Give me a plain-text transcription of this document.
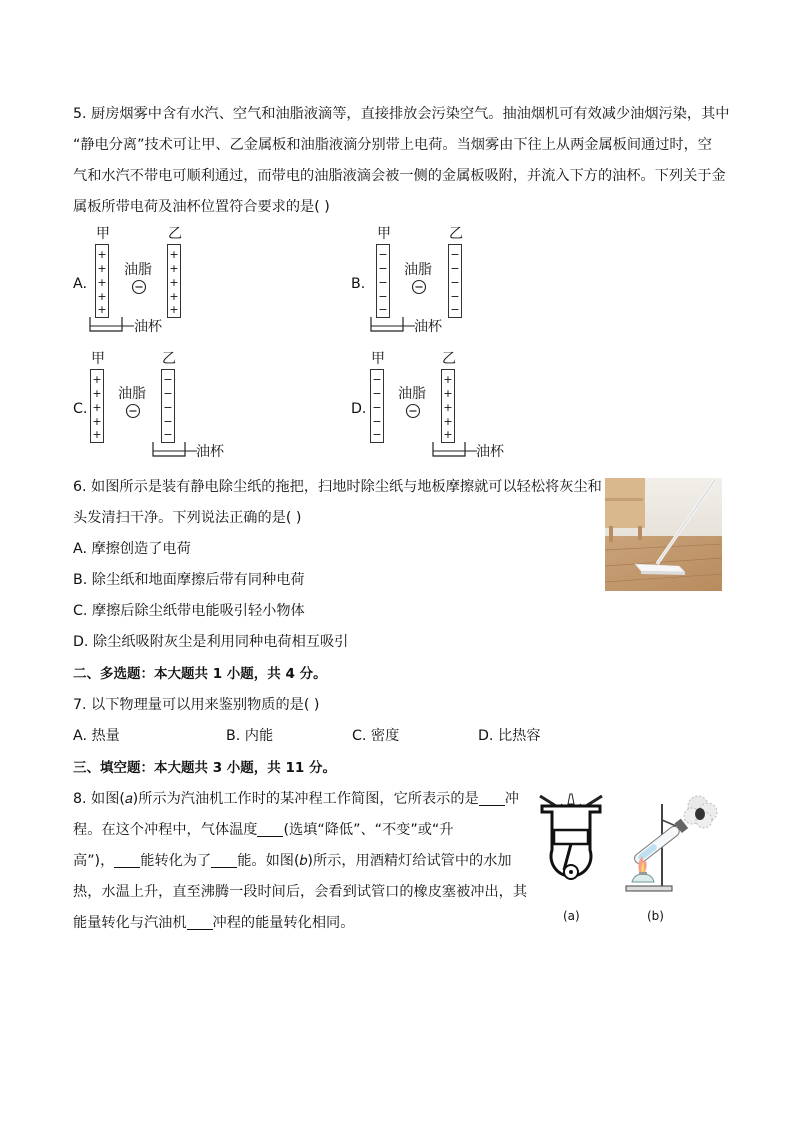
5. 厨房烟雾中含有水汽、空气和油脂液滴等，直接排放会污染空气。抽油烟机可有效减少油烟污染，其中
“静电分离”技术可让甲、乙金属板和油脂液滴分别带上电荷。当烟雾由下往上从两金属板间通过时，空
气和水汽不带电可顺利通过，而带电的油脂液滴会被一侧的金属板吸附，并流入下方的油杯。下列关于金
属板所带电荷及油杯位置符合要求的是( )
A.
甲	乙
+
+
+
+
+
+
+
+
+
+
油脂
油杯
B.
甲	乙
−
−
−
−
−
−
−
−
−
−
油脂
油杯
C.
甲	乙
+
+
+
+
+
−
−
−
−
−
油脂
油杯
D.
甲	乙
−
−
−
−
−
+
+
+
+
+
油脂
油杯
6. 如图所示是装有静电除尘纸的拖把，扫地时除尘纸与地板摩擦就可以轻松将灰尘和
头发清扫干净。下列说法正确的是( )
A. 摩擦创造了电荷
B. 除尘纸和地面摩擦后带有同种电荷
C. 摩擦后除尘纸带电能吸引轻小物体
D. 除尘纸吸附灰尘是利用同种电荷相互吸引
二、多选题：本大题共 1 小题，共 4 分。
7. 以下物理量可以用来鉴别物质的是( )
A. 热量	B. 内能	C. 密度	D. 比热容
三、填空题：本大题共 3 小题，共 11 分。
8. 如图(𝑎)所示为汽油机工作时的某冲程工作简图，它所表示的是 冲
程。在这个冲程中，气体温度 (选填“降低”、“不变”或“升
高”)， 能转化为了 能。如图(𝑏)所示，用酒精灯给试管中的水加
热，水温上升，直至沸腾一段时间后，会看到试管口的橡皮塞被冲出，其
能量转化与汽油机 冲程的能量转化相同。	(a)	(b)
